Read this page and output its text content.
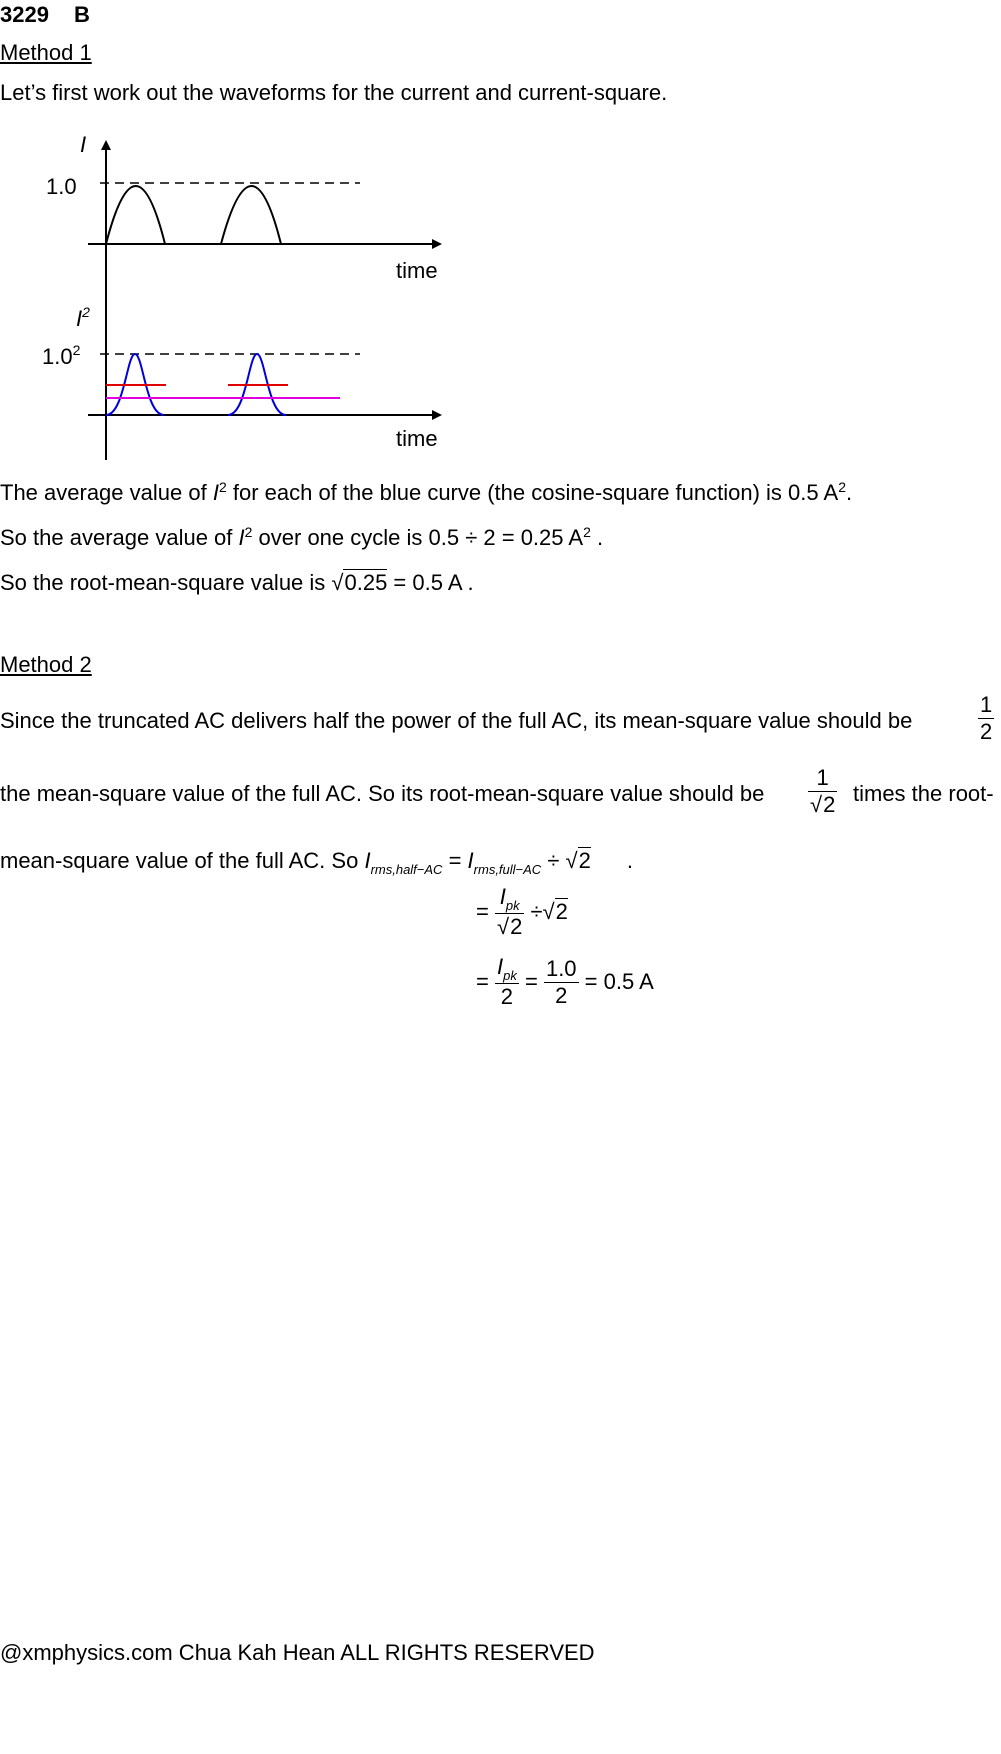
3229 B
Method 1
Let’s first work out the waveforms for the current and current-square.
I
1.0
time
$I^2$
$1.0^2$
time
The average value of $I^2$ for each of the blue curve (the cosine-square function) is 0.5 $A^2$.
So the average value of $I^2$ over one cycle is 0.5 ÷ 2 = 0.25 $A^2$ .
So the root-mean-square value is √0.25 = 0.5 A .
Method 2
Since the truncated AC delivers half the power of the full AC, its mean-square value should be	$\frac{1}{2}$
the mean-square value of the full AC. So its root-mean-square value should be $\frac{1}{√2}$ times the root-
mean-square value of the full AC. So $I_{rms,half-AC} = I_{rms,full-AC} \div √2$ .
= $\frac{I_{pk}}{√2} \div√2$
= $\frac{I_{pk}}{2} = \frac{1.0}{2} = 0.5$ A
@xmphysics.com Chua Kah Hean ALL RIGHTS RESERVED
